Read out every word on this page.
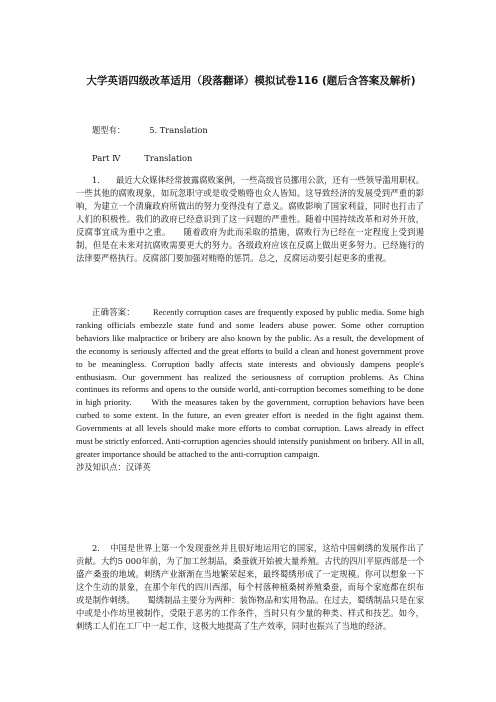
大学英语四级改革适用（段落翻译）模拟试卷116 (题后含答案及解析)
题型有：	5. Translation
Part Ⅳ	Translation
1. 最近大众媒体经常披露腐败案例，一些高级官员挪用公款，还有一些领导滥用职权。一些其他的腐败现象，如玩忽职守或是收受贿赂也众人皆知。这导致经济的发展受到严重的影响，为建立一个清廉政府所做出的努力变得没有了意义。腐败影响了国家利益，同时也打击了人们的积极性。我们的政府已经意识到了这一问题的严重性。随着中国持续改革和对外开放，反腐事宜成为重中之重。　　随着政府为此而采取的措施，腐败行为已经在一定程度上受到遏制，但是在未来对抗腐败需要更大的努力。各级政府应该在反腐上做出更多努力。已经施行的法律要严格执行。反腐部门要加强对贿赂的惩罚。总之，反腐运动要引起更多的重视。
正确答案： Recently corruption cases are frequently exposed by public media. Some high ranking officials embezzle state fund and some leaders abuse power. Some other corruption behaviors like malpractice or bribery are also known by the public. As a result, the development of the economy is seriously affected and the great efforts to build a clean and honest government prove to be meaningless. Corruption badly affects state interests and obviously dampens people's enthusiasm. Our government has realized the seriousness of corruption problems. As China continues its reforms and opens to the outside world, anti-corruption becomes something to be done in high priority.　　With the measures taken by the government, corruption behaviors have been curbed to some extent. In the future, an even greater effort is needed in the fight against them. Governments at all levels should make more efforts to combat corruption. Laws already in effect must be strictly enforced. Anti-corruption agencies should intensify punishment on bribery. All in all, greater importance should be attached to the anti-corruption campaign.
涉及知识点：汉译英
2. 中国是世界上第一个发现蚕丝并且很好地运用它的国家，这给中国刺绣的发展作出了贡献。大约5 000年前，为了加工丝制品，桑蚕就开始被大量养殖。古代的四川平原西部是一个盛产桑蚕的地域。刺绣产业渐渐在当地繁荣起来，最终蜀绣形成了一定规模。你可以想象一下这个生动的景象，在那个年代的四川西部，每个村落种植桑树养殖桑蚕，而每个家庭都在织布或是制作刺绣。　　蜀绣制品主要分为两种：装饰物品和实用物品。在过去，蜀绣制品只是在家中或是小作坊里被制作，受限于恶劣的工作条件，当时只有少量的种类、样式和技艺。如今，刺绣工人们在工厂中一起工作，这极大地提高了生产效率，同时也振兴了当地的经济。
